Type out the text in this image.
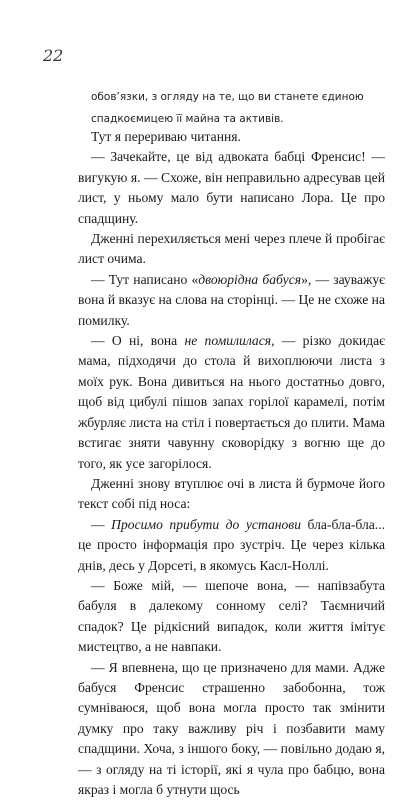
22
обов’язки, з огляду на те, що ви станете єдиною спадкоємицею її майна та активів.

Тут я перериваю читання.

— Зачекайте, це від адвоката бабці Френсис! — вигукую я. — Схоже, він неправильно адресував цей лист, у ньому мало бути написано Лора. Це про спадщину.

Дженні перехиляється мені через плече й пробігає лист очима.

— Тут написано «двоюрідна бабуся», — зауважує вона й вказує на слова на сторінці. — Це не схоже на помилку.

— О ні, вона не помилилася, — різко докидає мама, підходячи до стола й вихоплюючи листа з моїх рук. Вона дивиться на нього достатньо довго, щоб від цибулі пішов запах горілої карамелі, потім жбурляє листа на стіл і повертається до плити. Мама встигає зняти чавунну сковорідку з вогню ще до того, як усе загорілося.

Дженні знову втуплює очі в листа й бурмоче його текст собі під носа:

— Просимо прибути до установи бла-бла-бла... це просто інформація про зустріч. Це через кілька днів, десь у Дорсеті, в якомусь Касл-Ноллі.

— Боже мій, — шепоче вона, — напівзабута бабуля в далекому сонному селі? Таємничий спадок? Це рідкісний випадок, коли життя імітує мистецтво, а не навпаки.

— Я впевнена, що це призначено для мами. Адже бабуся Френсис страшенно забобонна, тож сумніваюся, щоб вона могла просто так змінити думку про таку важливу річ і позбавити маму спадщини. Хоча, з іншого боку, — повільно додаю я, — з огляду на ті історії, які я чула про бабцю, вона якраз і могла б утнути щось
